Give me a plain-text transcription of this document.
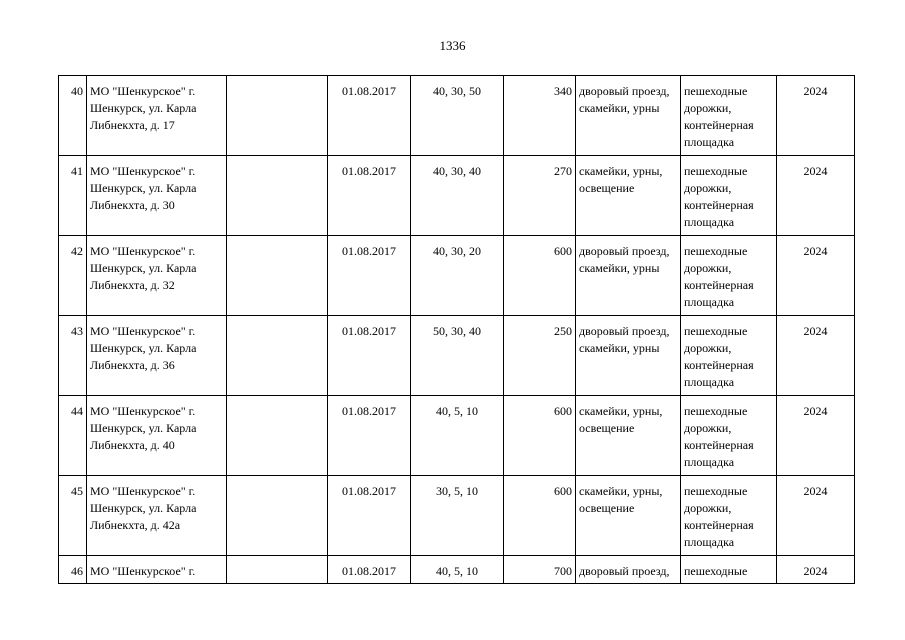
1336
40	МО "Шенкурское" г. Шенкурск, ул. Карла Либнекхта, д. 17		01.08.2017	40, 30, 50	340	дворовый проезд, скамейки, урны	пешеходные дорожки, контейнерная площадка	2024
41	МО "Шенкурское" г. Шенкурск, ул. Карла Либнекхта, д. 30		01.08.2017	40, 30, 40	270	скамейки, урны, освещение	пешеходные дорожки, контейнерная площадка	2024
42	МО "Шенкурское" г. Шенкурск, ул. Карла Либнекхта, д. 32		01.08.2017	40, 30, 20	600	дворовый проезд, скамейки, урны	пешеходные дорожки, контейнерная площадка	2024
43	МО "Шенкурское" г. Шенкурск, ул. Карла Либнекхта, д. 36		01.08.2017	50, 30, 40	250	дворовый проезд, скамейки, урны	пешеходные дорожки, контейнерная площадка	2024
44	МО "Шенкурское" г. Шенкурск, ул. Карла Либнекхта, д. 40		01.08.2017	40, 5, 10	600	скамейки, урны, освещение	пешеходные дорожки, контейнерная площадка	2024
45	МО "Шенкурское" г. Шенкурск, ул. Карла Либнекхта, д. 42а		01.08.2017	30, 5, 10	600	скамейки, урны, освещение	пешеходные дорожки, контейнерная площадка	2024
46	МО "Шенкурское" г.		01.08.2017	40, 5, 10	700	дворовый проезд,	пешеходные	2024
